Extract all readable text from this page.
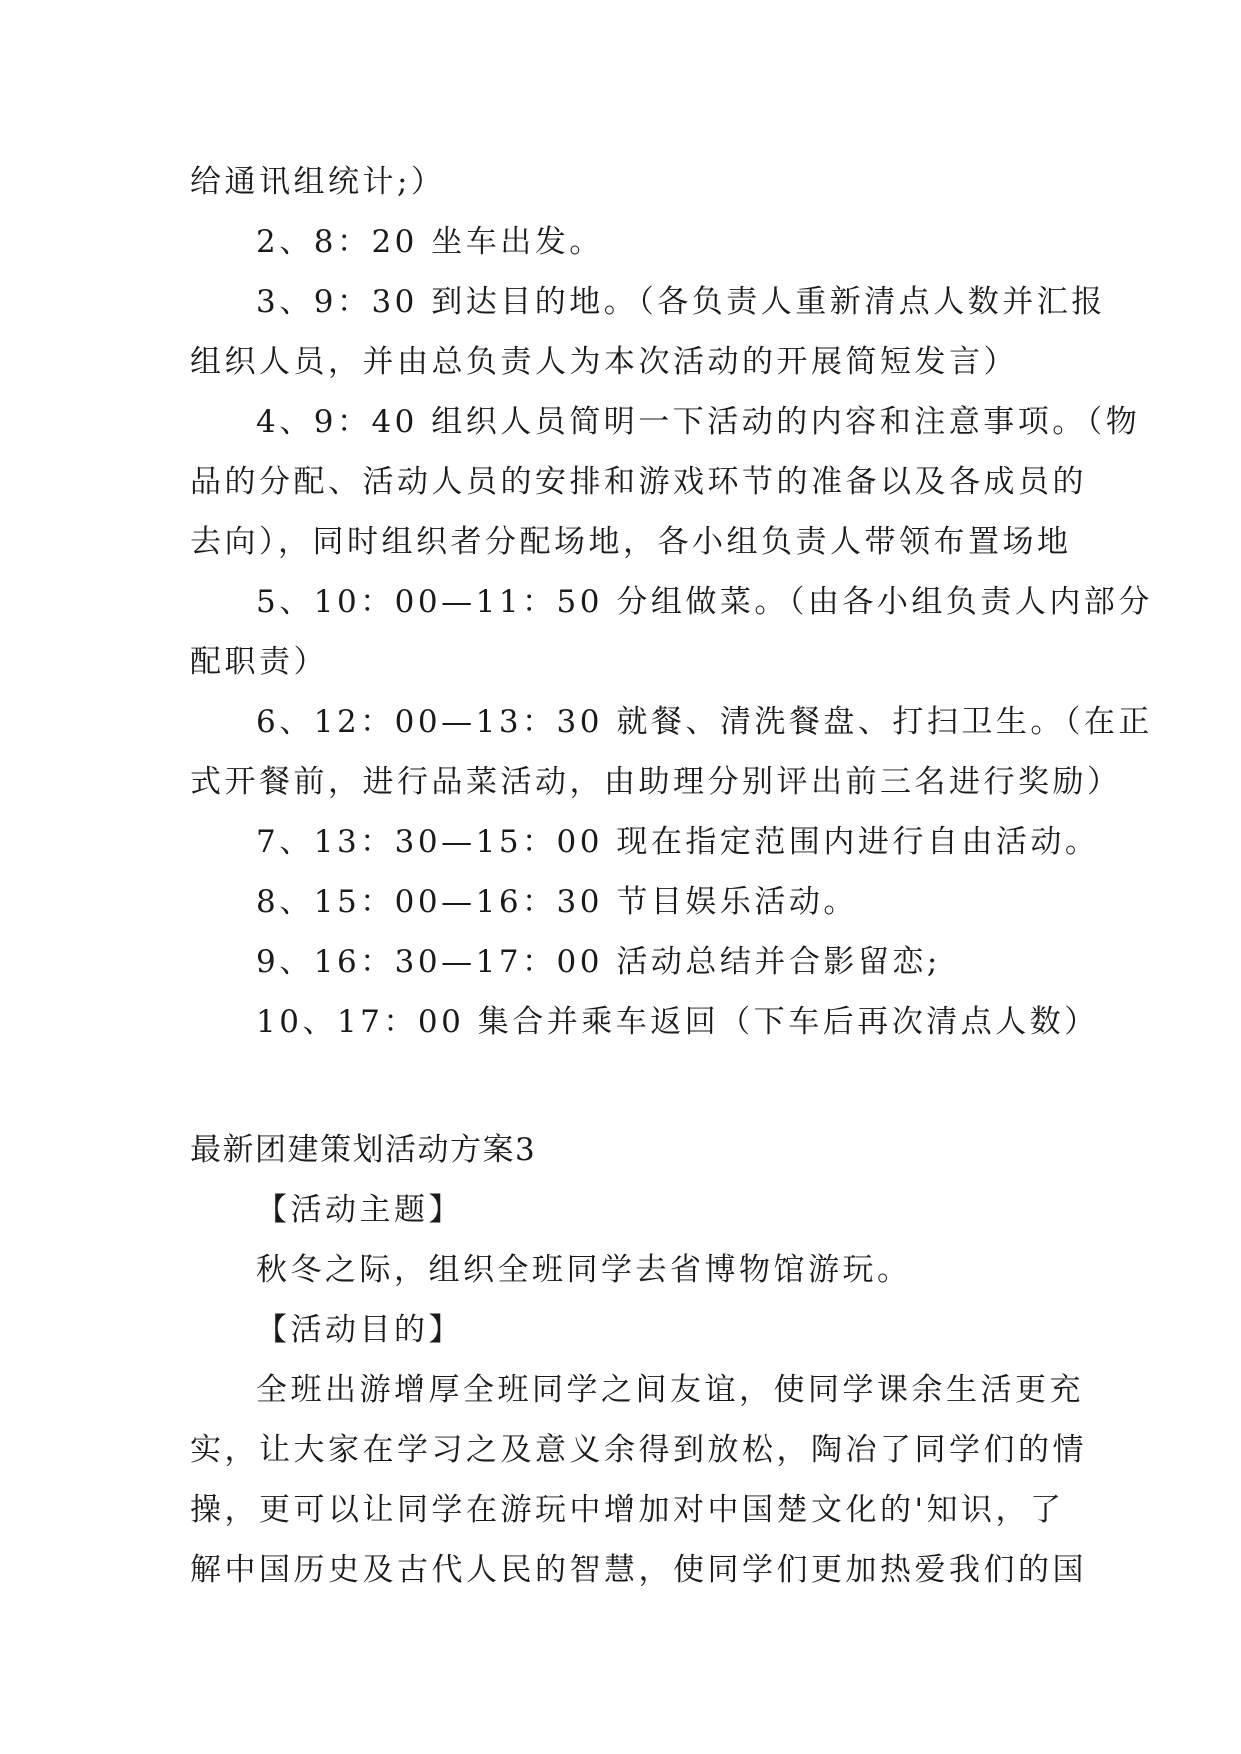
给通讯组统计;）
2、8：20 坐车出发。
3、9：30 到达目的地。（各负责人重新清点人数并汇报
组织人员，并由总负责人为本次活动的开展简短发言）
4、9：40 组织人员简明一下活动的内容和注意事项。（物
品的分配、活动人员的安排和游戏环节的准备以及各成员的
去向），同时组织者分配场地，各小组负责人带领布置场地
5、10：00—11：50 分组做菜。（由各小组负责人内部分
配职责）
6、12：00—13：30 就餐、清洗餐盘、打扫卫生。（在正
式开餐前，进行品菜活动，由助理分别评出前三名进行奖励）
7、13：30—15：00 现在指定范围内进行自由活动。
8、15：00—16：30 节目娱乐活动。
9、16：30—17：00 活动总结并合影留恋;
10、17：00 集合并乘车返回（下车后再次清点人数）
最新团建策划活动方案3
【活动主题】
秋冬之际，组织全班同学去省博物馆游玩。
【活动目的】
全班出游增厚全班同学之间友谊，使同学课余生活更充
实，让大家在学习之及意义余得到放松，陶冶了同学们的情
操，更可以让同学在游玩中增加对中国楚文化的'知识，了
解中国历史及古代人民的智慧，使同学们更加热爱我们的国
